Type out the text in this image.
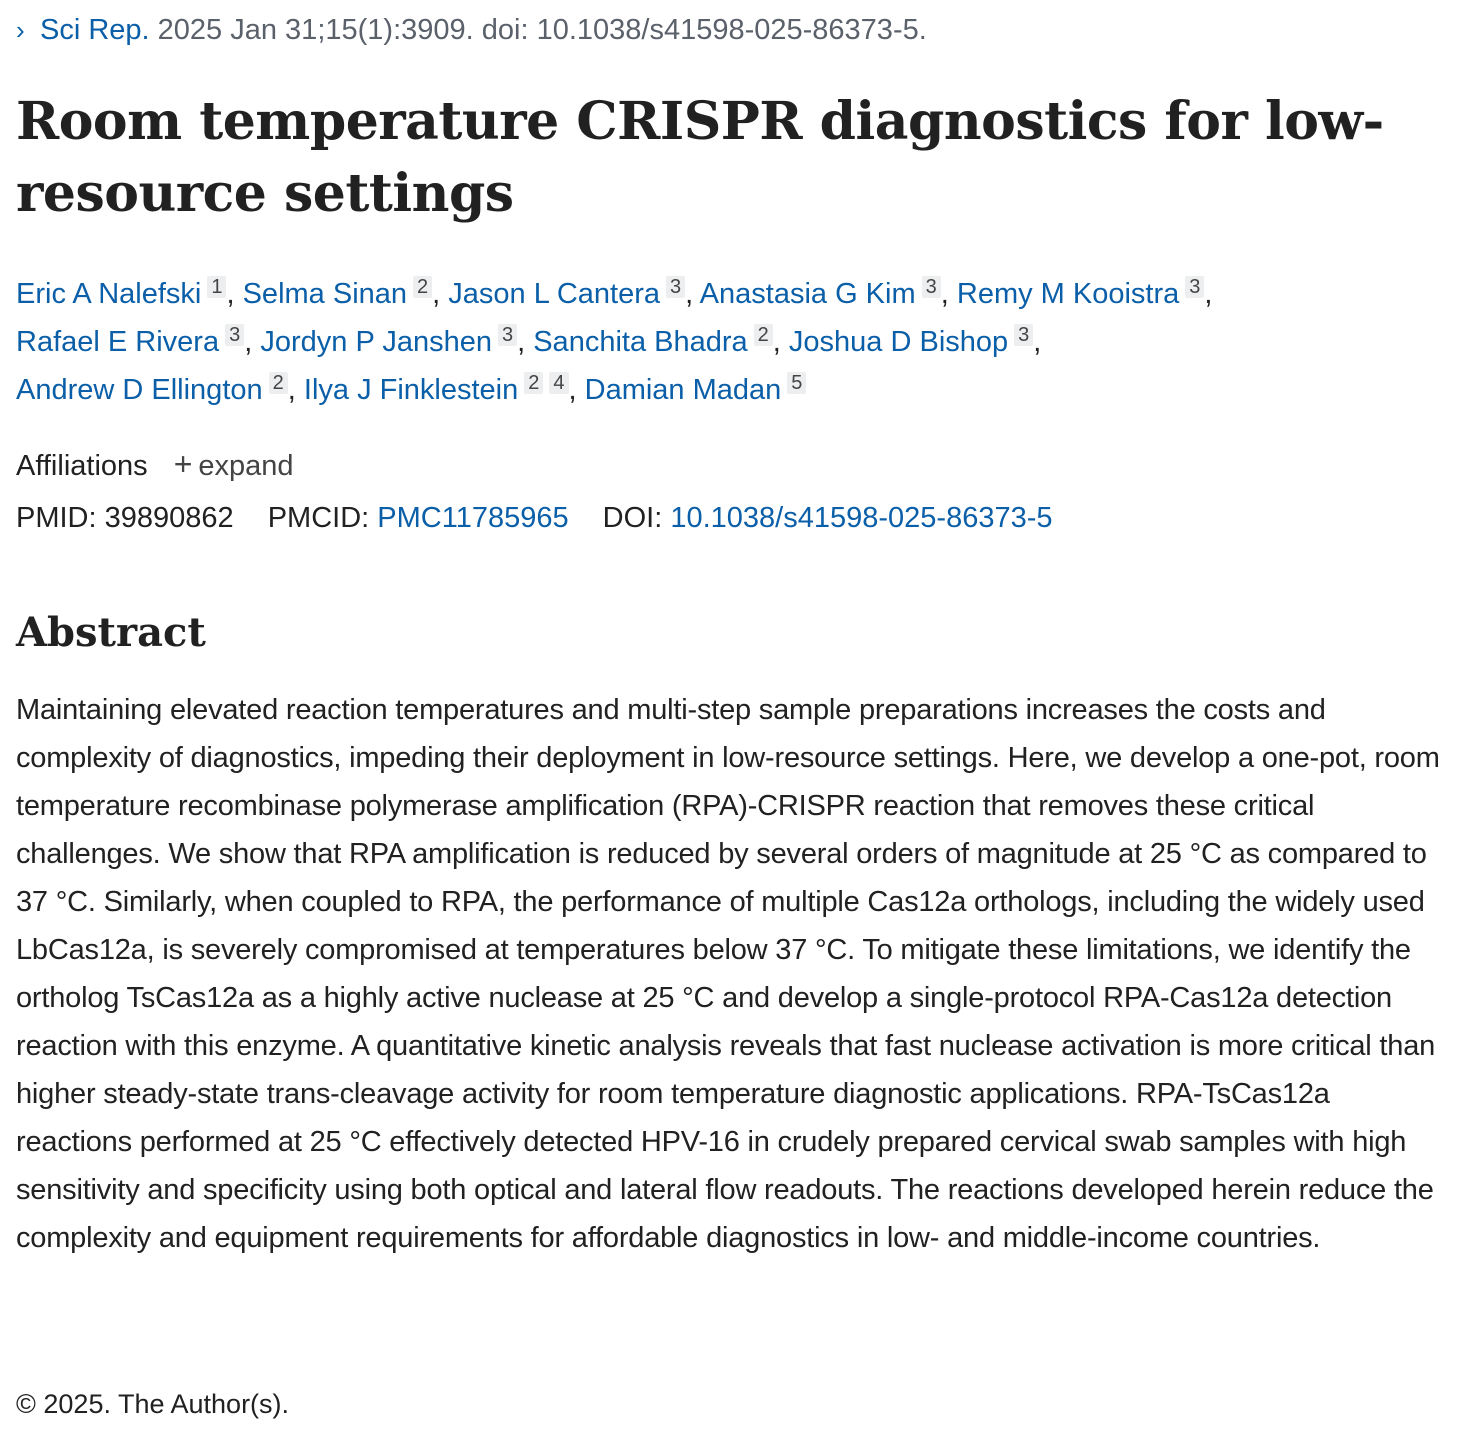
› Sci Rep. 2025 Jan 31;15(1):3909. doi: 10.1038/s41598-025-86373-5.
Room temperature CRISPR diagnostics for low-resource settings
Eric A Nalefski 1 , Selma Sinan 2 , Jason L Cantera 3 , Anastasia G Kim 3 , Remy M Kooistra 3 ,
Rafael E Rivera 3 , Jordyn P Janshen 3 , Sanchita Bhadra 2 , Joshua D Bishop 3 ,
Andrew D Ellington 2 , Ilya J Finklestein 2 4 , Damian Madan 5
Affiliations + expand
PMID: 39890862 PMCID: PMC11785965 DOI: 10.1038/s41598-025-86373-5
Abstract

Maintaining elevated reaction temperatures and multi-step sample preparations increases the costs and complexity of diagnostics, impeding their deployment in low-resource settings. Here, we develop a one-pot, room temperature recombinase polymerase amplification (RPA)-CRISPR reaction that removes these critical challenges. We show that RPA amplification is reduced by several orders of magnitude at 25 °C as compared to 37 °C. Similarly, when coupled to RPA, the performance of multiple Cas12a orthologs, including the widely used LbCas12a, is severely compromised at temperatures below 37 °C. To mitigate these limitations, we identify the ortholog TsCas12a as a highly active nuclease at 25 °C and develop a single-protocol RPA-Cas12a detection reaction with this enzyme. A quantitative kinetic analysis reveals that fast nuclease activation is more critical than higher steady-state trans-cleavage activity for room temperature diagnostic applications. RPA-TsCas12a reactions performed at 25 °C effectively detected HPV-16 in crudely prepared cervical swab samples with high sensitivity and specificity using both optical and lateral flow readouts. The reactions developed herein reduce the complexity and equipment requirements for affordable diagnostics in low- and middle-income countries.

© 2025. The Author(s).
